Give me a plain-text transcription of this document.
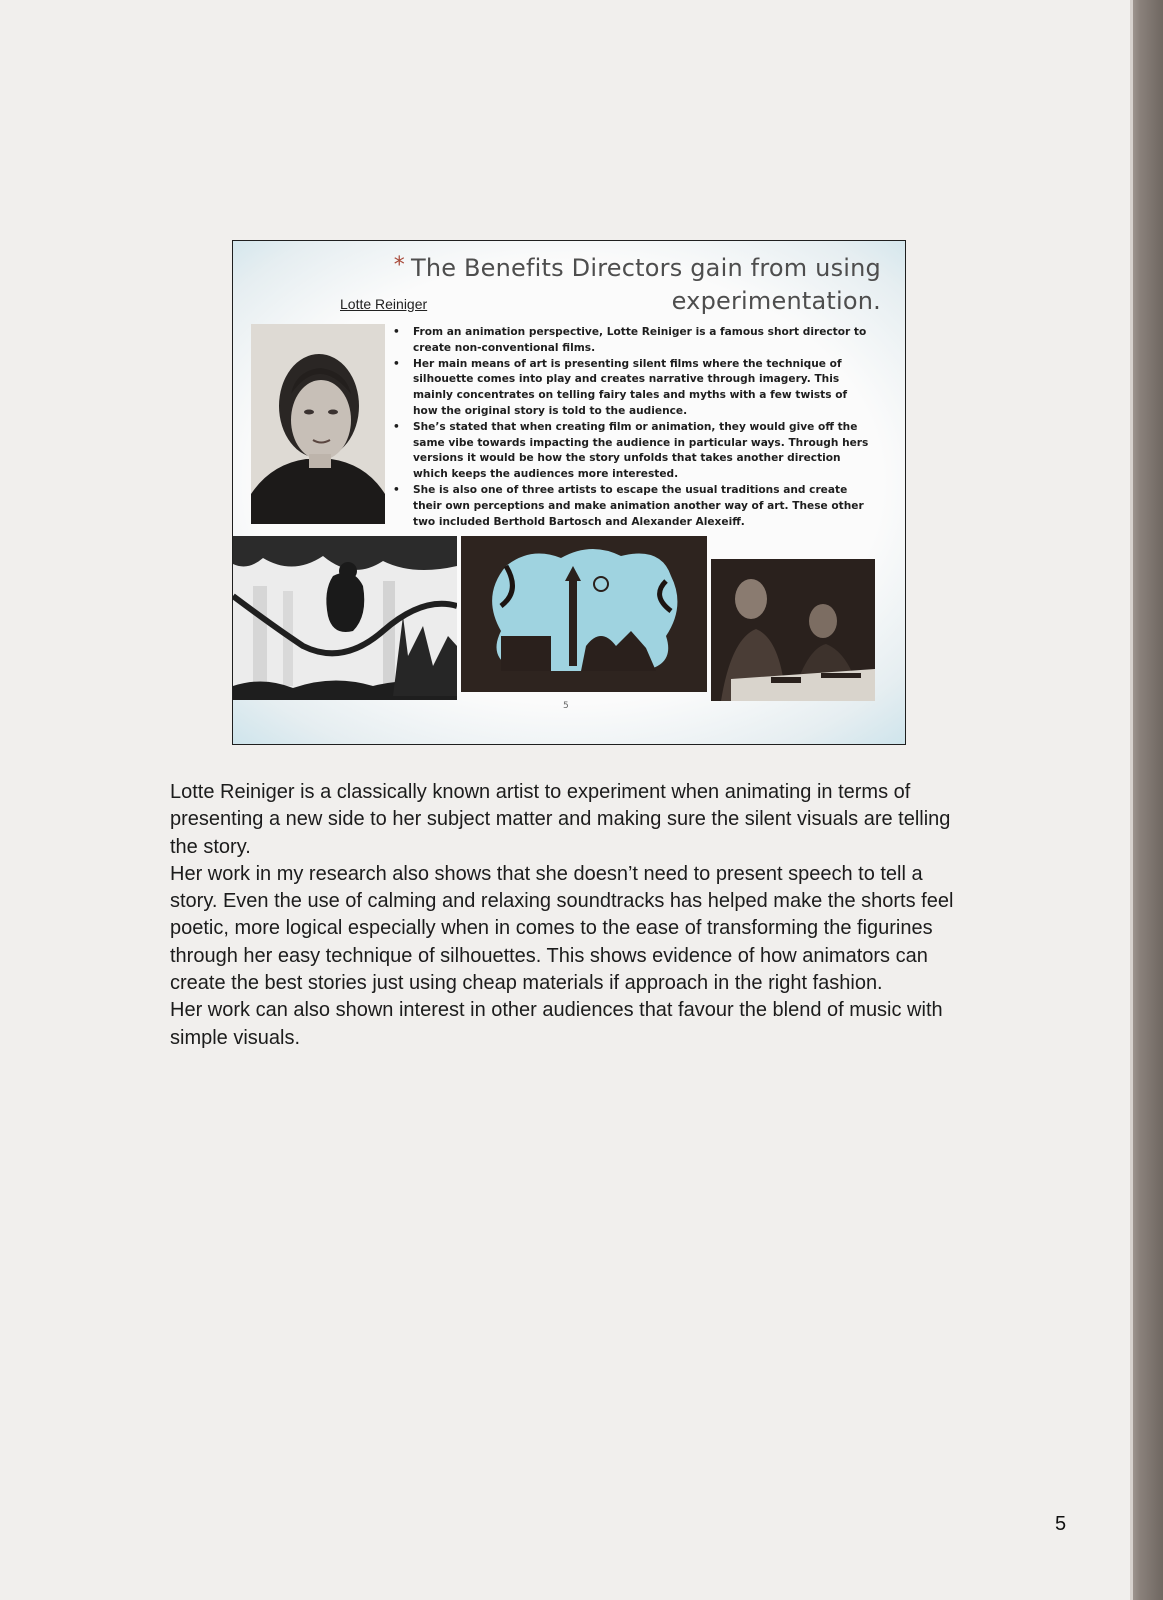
* The Benefits Directors gain from using experimentation.
Lotte Reiniger
• From an animation perspective, Lotte Reiniger is a famous short director to create non-conventional films.
• Her main means of art is presenting silent films where the technique of silhouette comes into play and creates narrative through imagery. This mainly concentrates on telling fairy tales and myths with a few twists of how the original story is told to the audience.
• She’s stated that when creating film or animation, they would give off the same vibe towards impacting the audience in particular ways. Through hers versions it would be how the story unfolds that takes another direction which keeps the audiences more interested.
• She is also one of three artists to escape the usual traditions and create their own perceptions and make animation another way of art. These other two included Berthold Bartosch and Alexander Alexeiff.
5

Lotte Reiniger is a classically known artist to experiment when animating in terms of presenting a new side to her subject matter and making sure the silent visuals are telling the story.

Her work in my research also shows that she doesn’t need to present speech to tell a story. Even the use of calming and relaxing soundtracks has helped make the shorts feel poetic, more logical especially when in comes to the ease of transforming the figurines through her easy technique of silhouettes. This shows evidence of how animators can create the best stories just using cheap materials if approach in the right fashion.

Her work can also shown interest in other audiences that favour the blend of music with simple visuals.

5
